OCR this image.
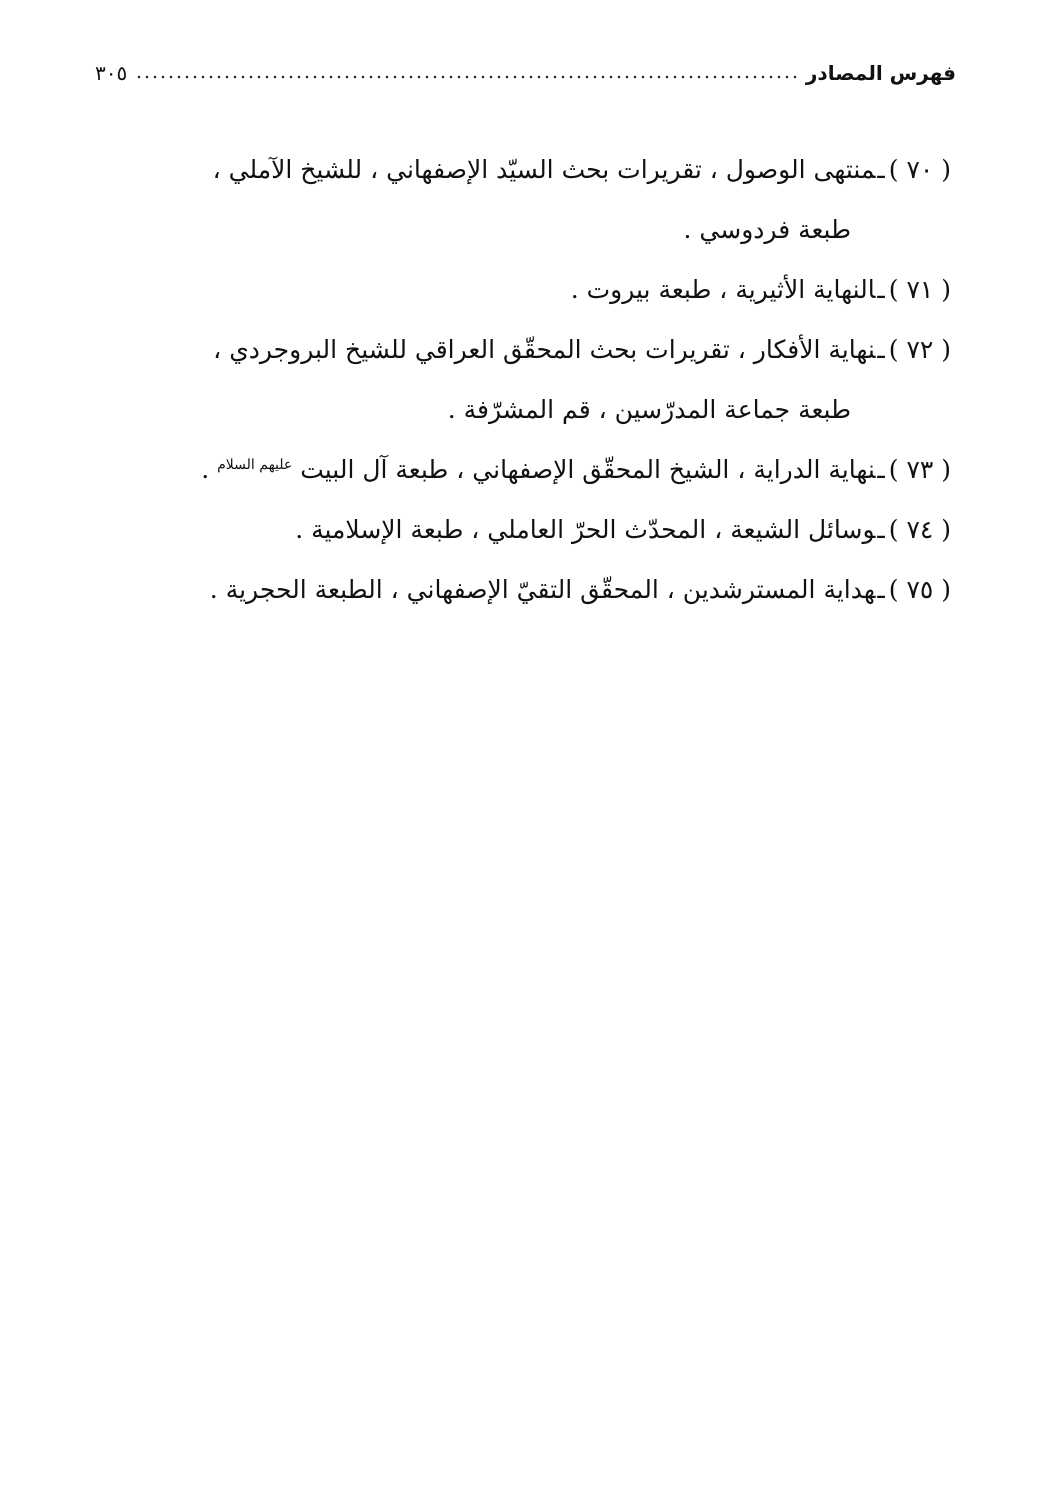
فهرس المصادر
٣٠٥
( ٧٠ )ـمنتهى الوصول ، تقريرات بحث السيّد الإصفهاني ، للشيخ الآملي ،
طبعة فردوسي .
( ٧١ )ـالنهاية الأثيرية ، طبعة بيروت .
( ٧٢ )ـنهاية الأفكار ، تقريرات بحث المحقّق العراقي للشيخ البروجردي ،
طبعة جماعة المدرّسين ، قم المشرّفة .
( ٧٣ )ـنهاية الدراية ، الشيخ المحقّق الإصفهاني ، طبعة آل البيت عليهم السلام .
( ٧٤ )ـوسائل الشيعة ، المحدّث الحرّ العاملي ، طبعة الإسلامية .
( ٧٥ )ـهداية المسترشدين ، المحقّق التقيّ الإصفهاني ، الطبعة الحجرية .
